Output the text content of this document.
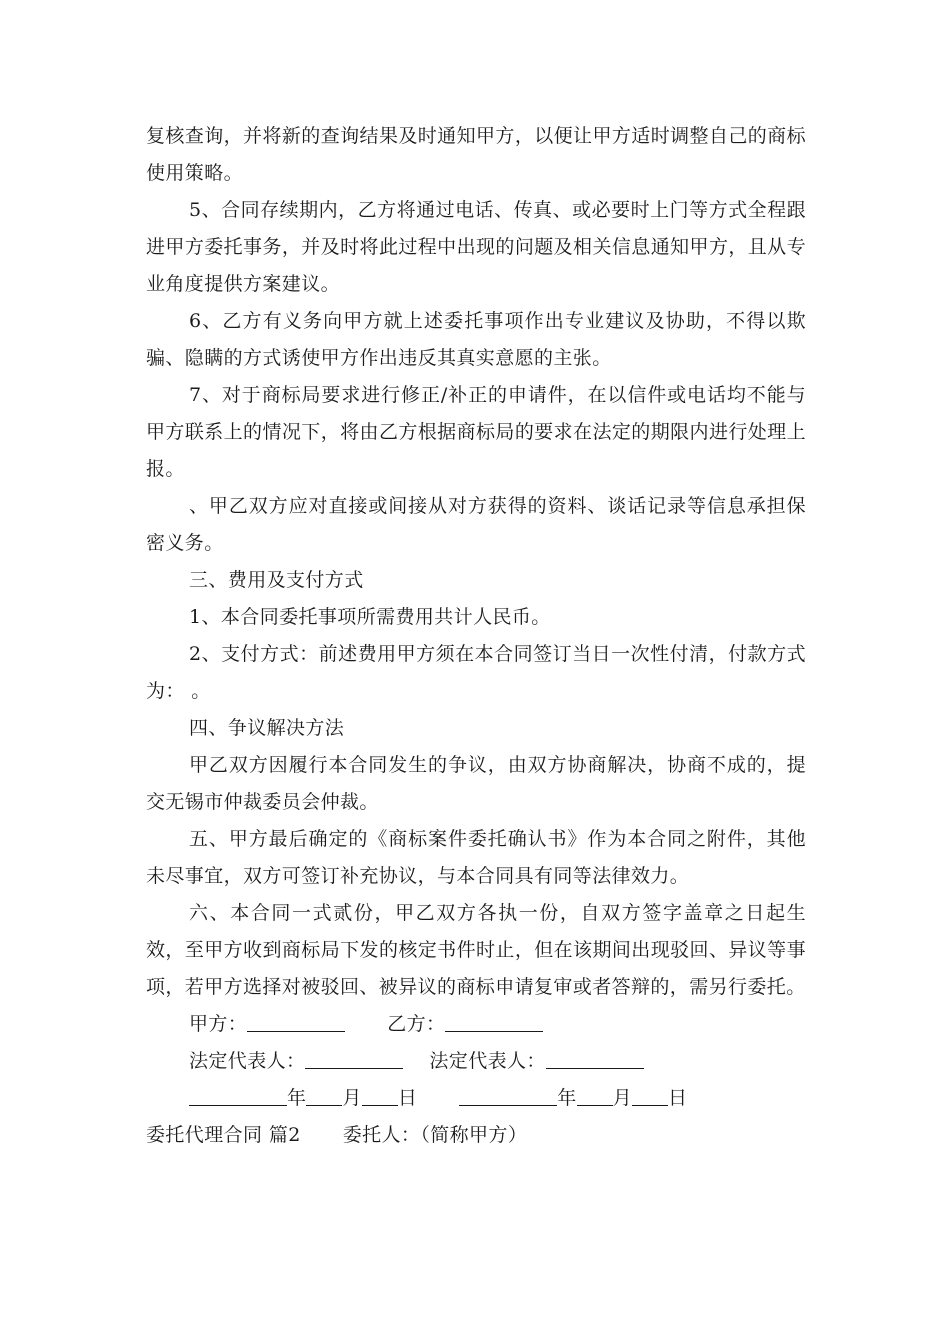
复核查询，并将新的查询结果及时通知甲方，以便让甲方适时调整自己的商标使用策略。

5、合同存续期内，乙方将通过电话、传真、或必要时上门等方式全程跟进甲方委托事务，并及时将此过程中出现的问题及相关信息通知甲方，且从专业角度提供方案建议。

6、乙方有义务向甲方就上述委托事项作出专业建议及协助，不得以欺骗、隐瞒的方式诱使甲方作出违反其真实意愿的主张。

7、对于商标局要求进行修正/补正的申请件，在以信件或电话均不能与甲方联系上的情况下，将由乙方根据商标局的要求在法定的期限内进行处理上报。

、甲乙双方应对直接或间接从对方获得的资料、谈话记录等信息承担保密义务。

三、费用及支付方式

1、本合同委托事项所需费用共计人民币。

2、支付方式：前述费用甲方须在本合同签订当日一次性付清，付款方式为： 。

四、争议解决方法

甲乙双方因履行本合同发生的争议，由双方协商解决，协商不成的，提交无锡市仲裁委员会仲裁。

五、甲方最后确定的《商标案件委托确认书》作为本合同之附件，其他未尽事宜，双方可签订补充协议，与本合同具有同等法律效力。

六、本合同一式贰份，甲乙双方各执一份，自双方签字盖章之日起生效，至甲方收到商标局下发的核定书件时止，但在该期间出现驳回、异议等事项，若甲方选择对被驳回、被异议的商标申请复审或者答辩的，需另行委托。

甲方：	乙方：

法定代表人：	法定代表人：

年 月 日	年 月 日

委托代理合同 篇2 委托人：（简称甲方）
